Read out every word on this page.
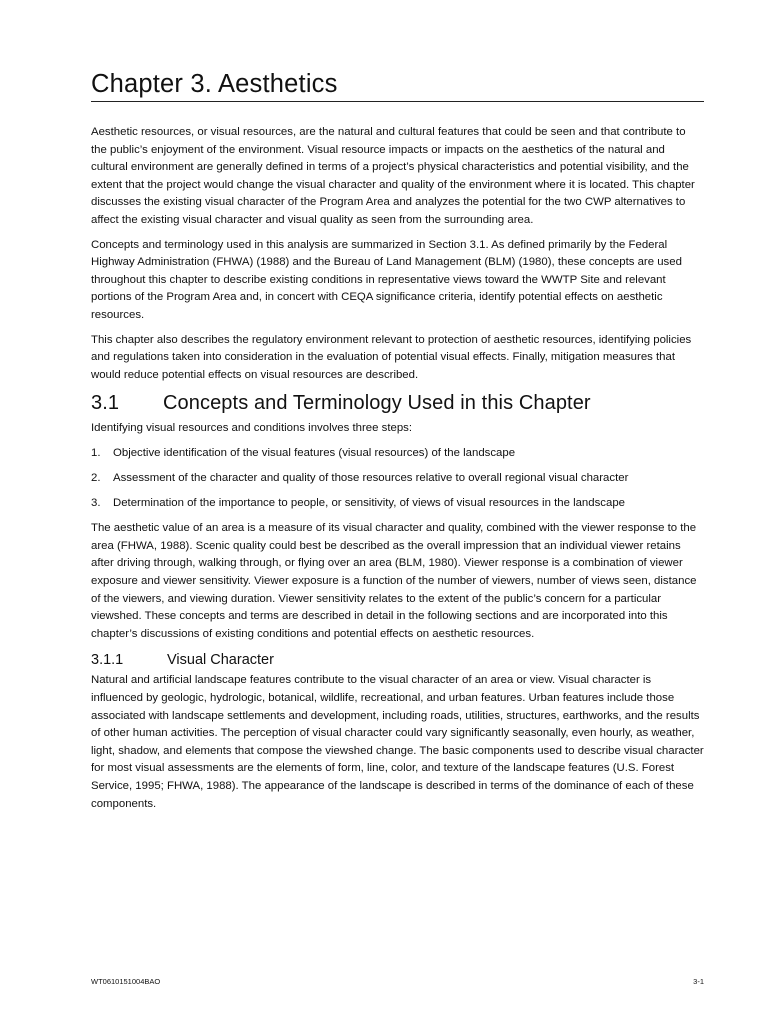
Chapter 3. Aesthetics

Aesthetic resources, or visual resources, are the natural and cultural features that could be seen and that contribute to the public’s enjoyment of the environment. Visual resource impacts or impacts on the aesthetics of the natural and cultural environment are generally defined in terms of a project’s physical characteristics and potential visibility, and the extent that the project would change the visual character and quality of the environment where it is located. This chapter discusses the existing visual character of the Program Area and analyzes the potential for the two CWP alternatives to affect the existing visual character and visual quality as seen from the surrounding area.

Concepts and terminology used in this analysis are summarized in Section 3.1. As defined primarily by the Federal Highway Administration (FHWA) (1988) and the Bureau of Land Management (BLM) (1980), these concepts are used throughout this chapter to describe existing conditions in representative views toward the WWTP Site and relevant portions of the Program Area and, in concert with CEQA significance criteria, identify potential effects on aesthetic resources.

This chapter also describes the regulatory environment relevant to protection of aesthetic resources, identifying policies and regulations taken into consideration in the evaluation of potential visual effects. Finally, mitigation measures that would reduce potential effects on visual resources are described.

3.1 Concepts and Terminology Used in this Chapter

Identifying visual resources and conditions involves three steps:

1.	Objective identification of the visual features (visual resources) of the landscape
2.	Assessment of the character and quality of those resources relative to overall regional visual character
3.	Determination of the importance to people, or sensitivity, of views of visual resources in the landscape

The aesthetic value of an area is a measure of its visual character and quality, combined with the viewer response to the area (FHWA, 1988). Scenic quality could best be described as the overall impression that an individual viewer retains after driving through, walking through, or flying over an area (BLM, 1980). Viewer response is a combination of viewer exposure and viewer sensitivity. Viewer exposure is a function of the number of viewers, number of views seen, distance of the viewers, and viewing duration. Viewer sensitivity relates to the extent of the public’s concern for a particular viewshed. These concepts and terms are described in detail in the following sections and are incorporated into this chapter’s discussions of existing conditions and potential effects on aesthetic resources.

3.1.1	Visual Character

Natural and artificial landscape features contribute to the visual character of an area or view. Visual character is influenced by geologic, hydrologic, botanical, wildlife, recreational, and urban features. Urban features include those associated with landscape settlements and development, including roads, utilities, structures, earthworks, and the results of other human activities. The perception of visual character could vary significantly seasonally, even hourly, as weather, light, shadow, and elements that compose the viewshed change. The basic components used to describe visual character for most visual assessments are the elements of form, line, color, and texture of the landscape features (U.S. Forest Service, 1995; FHWA, 1988). The appearance of the landscape is described in terms of the dominance of each of these components.

WT0610151004BAO	3-1
